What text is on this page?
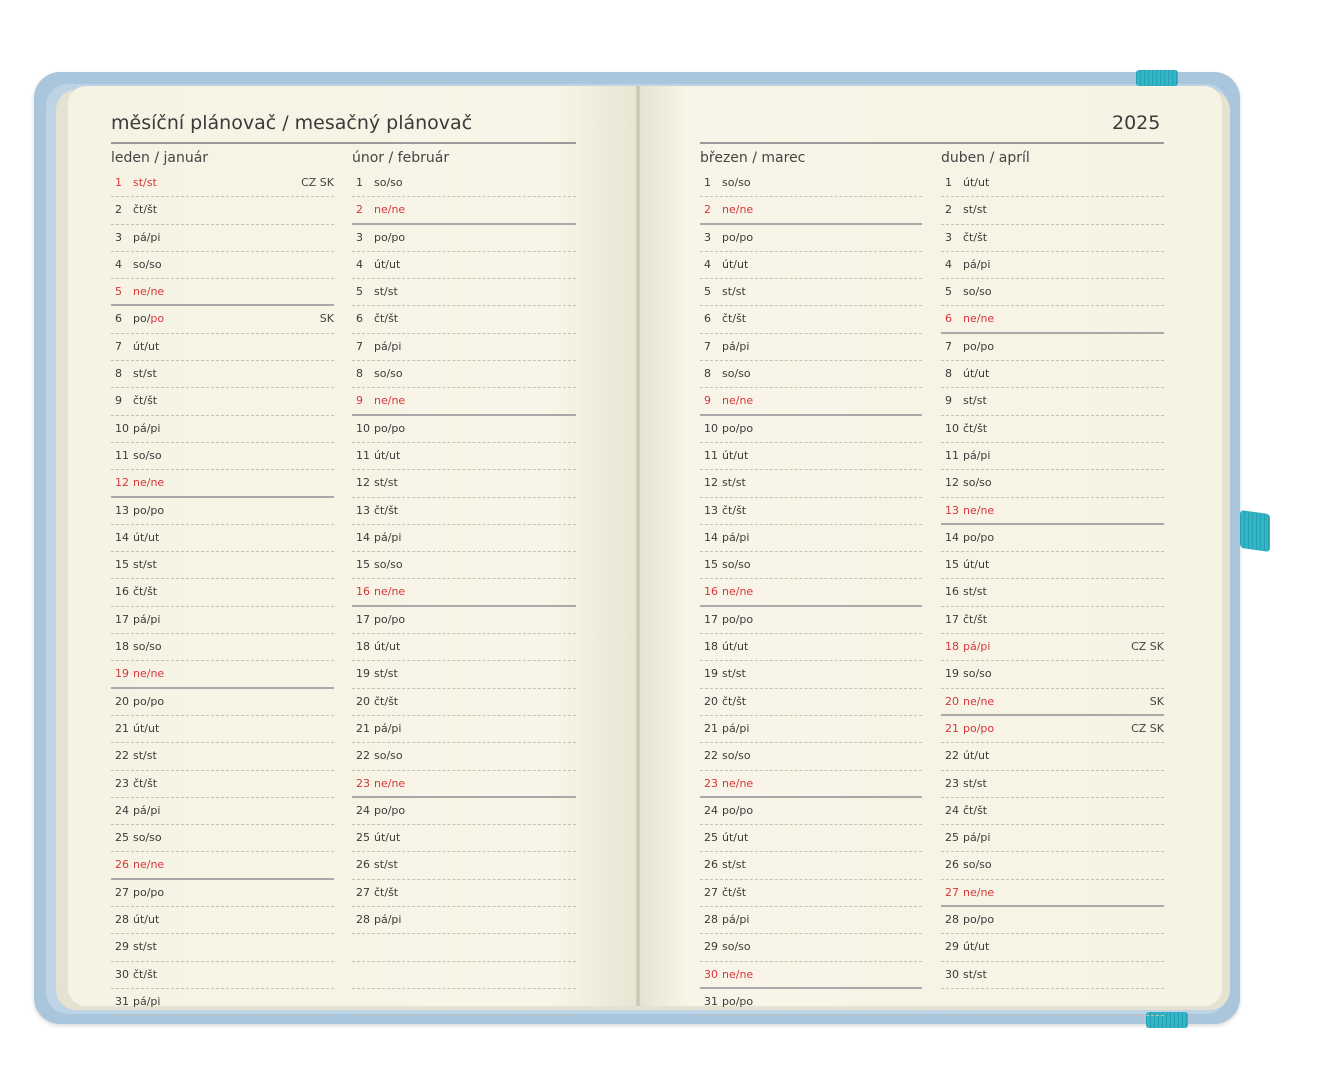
měsíční plánovač / mesačný plánovač	2025
leden / január
1 st/st	CZ SK
2 čt/št
3 pá/pi
4 so/so
5 ne/ne
6 po/po	SK
7 út/ut
8 st/st
9 čt/št
10 pá/pi
11 so/so
12 ne/ne
13 po/po
14 út/ut
15 st/st
16 čt/št
17 pá/pi
18 so/so
19 ne/ne
20 po/po
21 út/ut
22 st/st
23 čt/št
24 pá/pi
25 so/so
26 ne/ne
27 po/po
28 út/ut
29 st/st
30 čt/št
31 pá/pi
únor / február
1 so/so
2 ne/ne
3 po/po
4 út/ut
5 st/st
6 čt/št
7 pá/pi
8 so/so
9 ne/ne
10 po/po
11 út/ut
12 st/st
13 čt/št
14 pá/pi
15 so/so
16 ne/ne
17 po/po
18 út/ut
19 st/st
20 čt/št
21 pá/pi
22 so/so
23 ne/ne
24 po/po
25 út/ut
26 st/st
27 čt/št
28 pá/pi
březen / marec
1 so/so
2 ne/ne
3 po/po
4 út/ut
5 st/st
6 čt/št
7 pá/pi
8 so/so
9 ne/ne
10 po/po
11 út/ut
12 st/st
13 čt/št
14 pá/pi
15 so/so
16 ne/ne
17 po/po
18 út/ut
19 st/st
20 čt/št
21 pá/pi
22 so/so
23 ne/ne
24 po/po
25 út/ut
26 st/st
27 čt/št
28 pá/pi
29 so/so
30 ne/ne
31 po/po
duben / apríl
1 út/ut
2 st/st
3 čt/št
4 pá/pi
5 so/so
6 ne/ne
7 po/po
8 út/ut
9 st/st
10 čt/št
11 pá/pi
12 so/so
13 ne/ne
14 po/po
15 út/ut
16 st/st
17 čt/št
18 pá/pi	CZ SK
19 so/so
20 ne/ne	SK
21 po/po	CZ SK
22 út/ut
23 st/st
24 čt/št
25 pá/pi
26 so/so
27 ne/ne
28 po/po
29 út/ut
30 st/st
